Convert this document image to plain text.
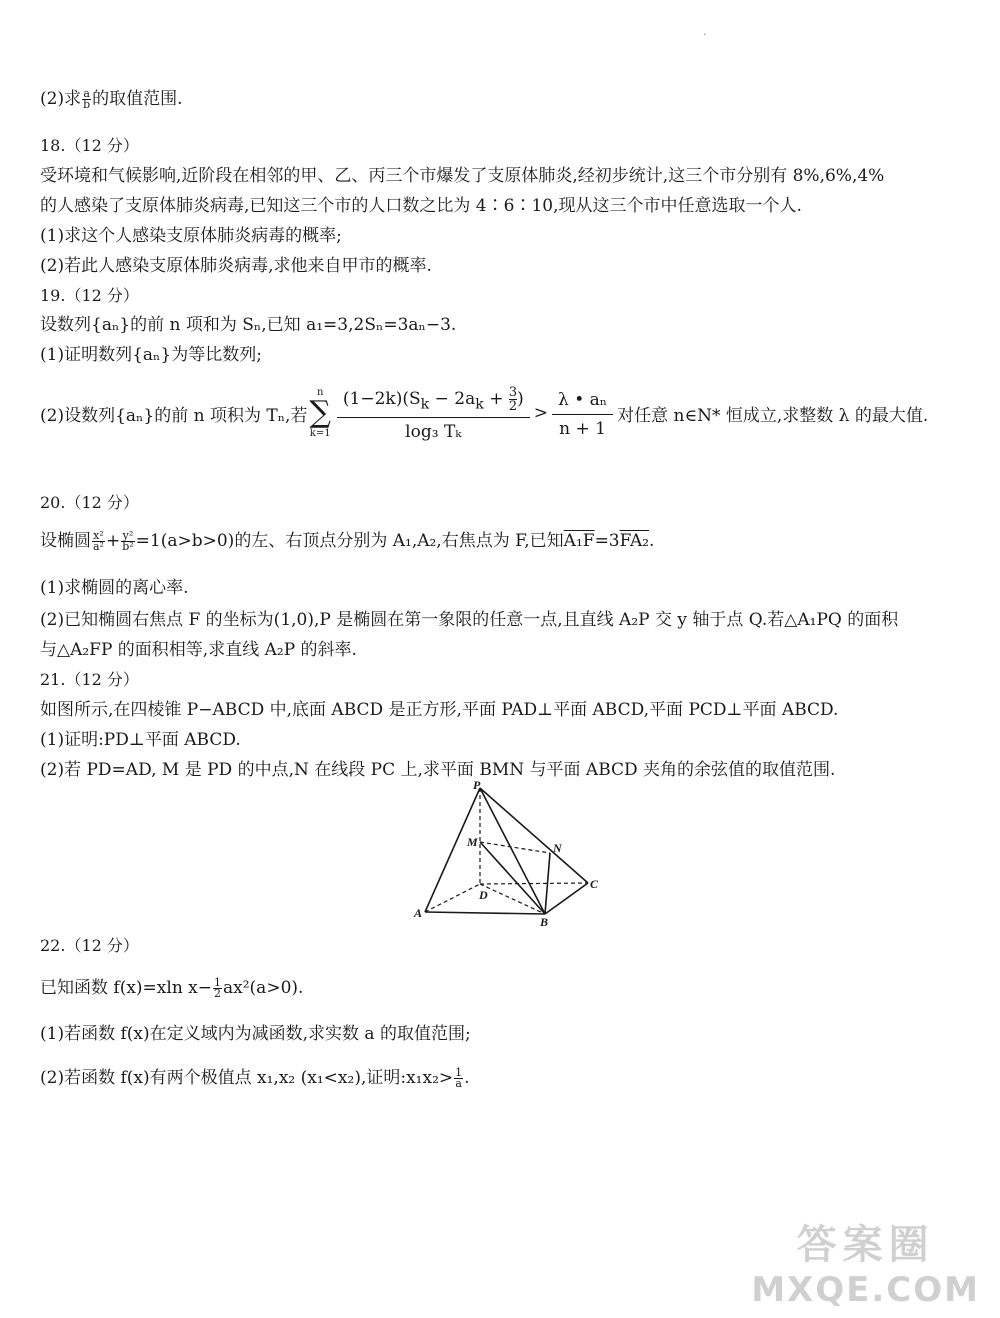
·
(2)求 $\frac{a}{b}$ 的取值范围.
18.（12 分）
受环境和气候影响,近阶段在相邻的甲、乙、丙三个市爆发了支原体肺炎,经初步统计,这三个市分别有 8%,6%,4%
的人感染了支原体肺炎病毒,已知这三个市的人口数之比为 4∶6∶10,现从这三个市中任意选取一个人.
(1)求这个人感染支原体肺炎病毒的概率;
(2)若此人感染支原体肺炎病毒,求他来自甲市的概率.
19.（12 分）
设数列{aₙ}的前 n 项和为 Sₙ,已知 a₁=3,2Sₙ=3aₙ−3.
(1)证明数列{aₙ}为等比数列;
(2)设数列{aₙ}的前 n 项积为 Tₙ,若
n
∑
$k=1 \frac{(1-2k)(S_k - 2a_k + \frac{3}{2} )}{\text{log₃ Tₖ}} > \frac{\text{λ • aₙ}}{n + 1}$ 对任意 n∈N* 恒成立,求整数 λ 的最大值.
20.（12 分）
设椭圆 $\frac{\text{x²}}{\text{a²}} + \frac{\text{y²}}{\text{b²}} =1(a>b>0)$的左、右顶点分别为 A₁,A₂,右焦点为 F,已知A₁F=3FA₂.
(1)求椭圆的离心率.
(2)已知椭圆右焦点 F 的坐标为(1,0),P 是椭圆在第一象限的任意一点,且直线 A₂P 交 y 轴于点 Q.若△A₁PQ 的面积
与△A₂FP 的面积相等,求直线 A₂P 的斜率.
21.（12 分）
如图所示,在四棱锥 P−ABCD 中,底面 ABCD 是正方形,平面 PAD⊥平面 ABCD,平面 PCD⊥平面 ABCD.
(1)证明:PD⊥平面 ABCD.
(2)若 PD=AD, M 是 PD 的中点,N 在线段 PC 上,求平面 BMN 与平面 ABCD 夹角的余弦值的取值范围.
P
M	N
C
D
A
B
22.（12 分）
已知函数 f(x)=xln $x- \frac{1}{2} ax^2(a>0)$.
(1)若函数 f(x)在定义域内为减函数,求实数 a 的取值范围;
(2)若函数 f(x)有两个极值点 x₁,x₂ (x₁<x₂),证明:x₁x₂> $\frac{1}{a}$ .
答案圈
MXQE.COM
